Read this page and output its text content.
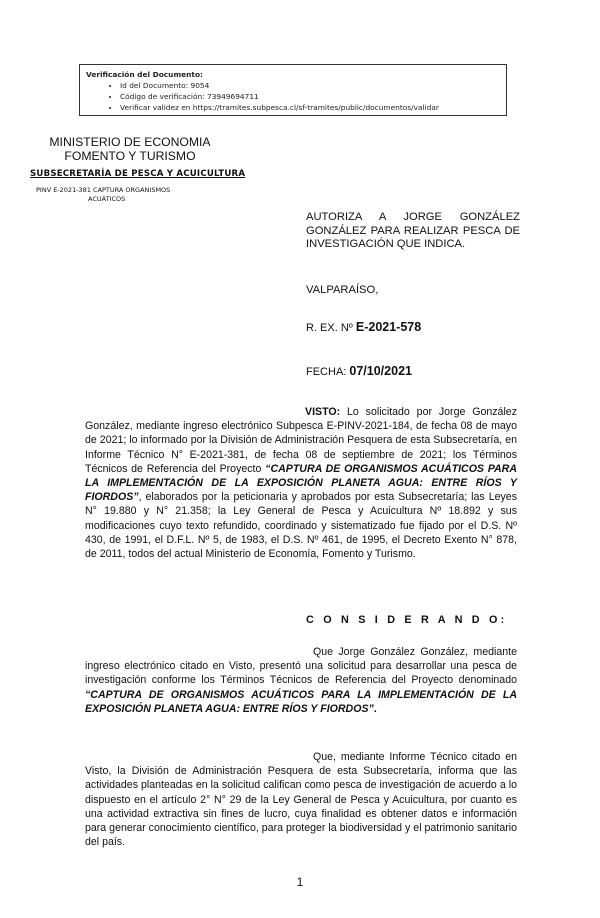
Verificación del Documento:
• Id del Documento: 9054
• Código de verificación: 73949694711
• Verificar validez en https://tramites.subpesca.cl/sf-tramites/public/documentos/validar
MINISTERIO DE ECONOMIA
FOMENTO Y TURISMO
SUBSECRETARÍA DE PESCA Y ACUICULTURA
PINV E-2021-381 CAPTURA ORGANISMOS
ACUÁTICOS
AUTORIZA A JORGE GONZÁLEZ GONZÁLEZ PARA REALIZAR PESCA DE INVESTIGACIÓN QUE INDICA.
VALPARAÍSO,
R. EX. Nº E-2021-578
FECHA: 07/10/2021
VISTO: Lo solicitado por Jorge González González, mediante ingreso electrónico Subpesca E-PINV-2021-184, de fecha 08 de mayo de 2021; lo informado por la División de Administración Pesquera de esta Subsecretaría, en Informe Técnico N° E-2021-381, de fecha 08 de septiembre de 2021; los Términos Técnicos de Referencia del Proyecto “CAPTURA DE ORGANISMOS ACUÁTICOS PARA LA IMPLEMENTACIÓN DE LA EXPOSICIÓN PLANETA AGUA: ENTRE RÍOS Y FIORDOS”, elaborados por la peticionaria y aprobados por esta Subsecretaría; las Leyes N° 19.880 y N° 21.358; la Ley General de Pesca y Acuicultura Nº 18.892 y sus modificaciones cuyo texto refundido, coordinado y sistematizado fue fijado por el D.S. Nº 430, de 1991, el D.F.L. Nº 5, de 1983, el D.S. Nº 461, de 1995, el Decreto Exento N° 878, de 2011, todos del actual Ministerio de Economía, Fomento y Turismo.
C O N S I D E R A N D O:
Que Jorge González González, mediante ingreso electrónico citado en Visto, presentó una solicitud para desarrollar una pesca de investigación conforme los Términos Técnicos de Referencia del Proyecto denominado “CAPTURA DE ORGANISMOS ACUÁTICOS PARA LA IMPLEMENTACIÓN DE LA EXPOSICIÓN PLANETA AGUA: ENTRE RÍOS Y FIORDOS”.
Que, mediante Informe Técnico citado en Visto, la División de Administración Pesquera de esta Subsecretaría, informa que las actividades planteadas en la solicitud califican como pesca de investigación de acuerdo a lo dispuesto en el artículo 2° N° 29 de la Ley General de Pesca y Acuicultura, por cuanto es una actividad extractiva sin fines de lucro, cuya finalidad es obtener datos e información para generar conocimiento científico, para proteger la biodiversidad y el patrimonio sanitario del país.
1
